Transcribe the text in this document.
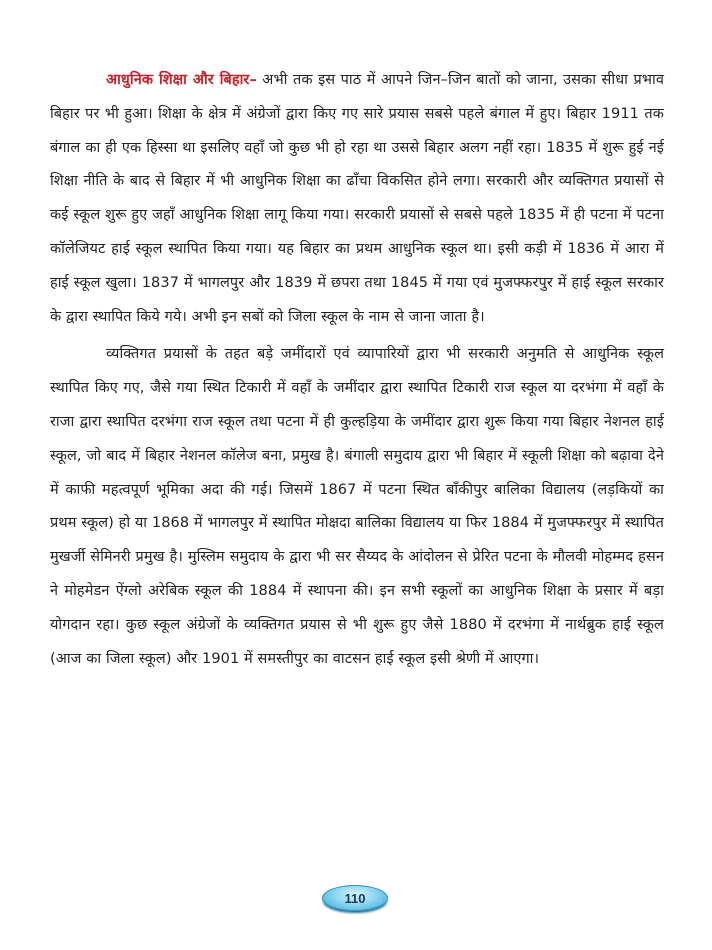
आधुनिक शिक्षा और बिहार– अभी तक इस पाठ में आपने जिन–जिन बातों को जाना, उसका सीधा प्रभाव बिहार पर भी हुआ। शिक्षा के क्षेत्र में अंग्रेजों द्वारा किए गए सारे प्रयास सबसे पहले बंगाल में हुए। बिहार 1911 तक बंगाल का ही एक हिस्सा था इसलिए वहाँ जो कुछ भी हो रहा था उससे बिहार अलग नहीं रहा। 1835 में शुरू हुई नई शिक्षा नीति के बाद से बिहार में भी आधुनिक शिक्षा का ढाँचा विकसित होने लगा। सरकारी और व्यक्तिगत प्रयासों से कई स्कूल शुरू हुए जहाँ आधुनिक शिक्षा लागू किया गया। सरकारी प्रयासों से सबसे पहले 1835 में ही पटना में पटना कॉलेजियट हाई स्कूल स्थापित किया गया। यह बिहार का प्रथम आधुनिक स्कूल था। इसी कड़ी में 1836 में आरा में हाई स्कूल खुला। 1837 में भागलपुर और 1839 में छपरा तथा 1845 में गया एवं मुजफ्फरपुर में हाई स्कूल सरकार के द्वारा स्थापित किये गये। अभी इन सबों को जिला स्कूल के नाम से जाना जाता है।

व्यक्तिगत प्रयासों के तहत बड़े जमींदारों एवं व्यापारियों द्वारा भी सरकारी अनुमति से आधुनिक स्कूल स्थापित किए गए, जैसे गया स्थित टिकारी में वहाँ के जमींदार द्वारा स्थापित टिकारी राज स्कूल या दरभंगा में वहाँ के राजा द्वारा स्थापित दरभंगा राज स्कूल तथा पटना में ही कुल्हड़िया के जमींदार द्वारा शुरू किया गया बिहार नेशनल हाई स्कूल, जो बाद में बिहार नेशनल कॉलेज बना, प्रमुख है। बंगाली समुदाय द्वारा भी बिहार में स्कूली शिक्षा को बढ़ावा देने में काफी महत्वपूर्ण भूमिका अदा की गई। जिसमें 1867 में पटना स्थित बाँकीपुर बालिका विद्यालय (लड़कियों का प्रथम स्कूल) हो या 1868 में भागलपुर में स्थापित मोक्षदा बालिका विद्यालय या फिर 1884 में मुजफ्फरपुर में स्थापित मुखर्जी सेमिनरी प्रमुख है। मुस्लिम समुदाय के द्वारा भी सर सैय्यद के आंदोलन से प्रेरित पटना के मौलवी मोहम्मद हसन ने मोहमेडन ऐंग्लो अरेबिक स्कूल की 1884 में स्थापना की। इन सभी स्कूलों का आधुनिक शिक्षा के प्रसार में बड़ा योगदान रहा। कुछ स्कूल अंग्रेजों के व्यक्तिगत प्रयास से भी शुरू हुए जैसे 1880 में दरभंगा में नार्थब्रुक हाई स्कूल (आज का जिला स्कूल) और 1901 में समस्तीपुर का वाटसन हाई स्कूल इसी श्रेणी में आएगा।

110
